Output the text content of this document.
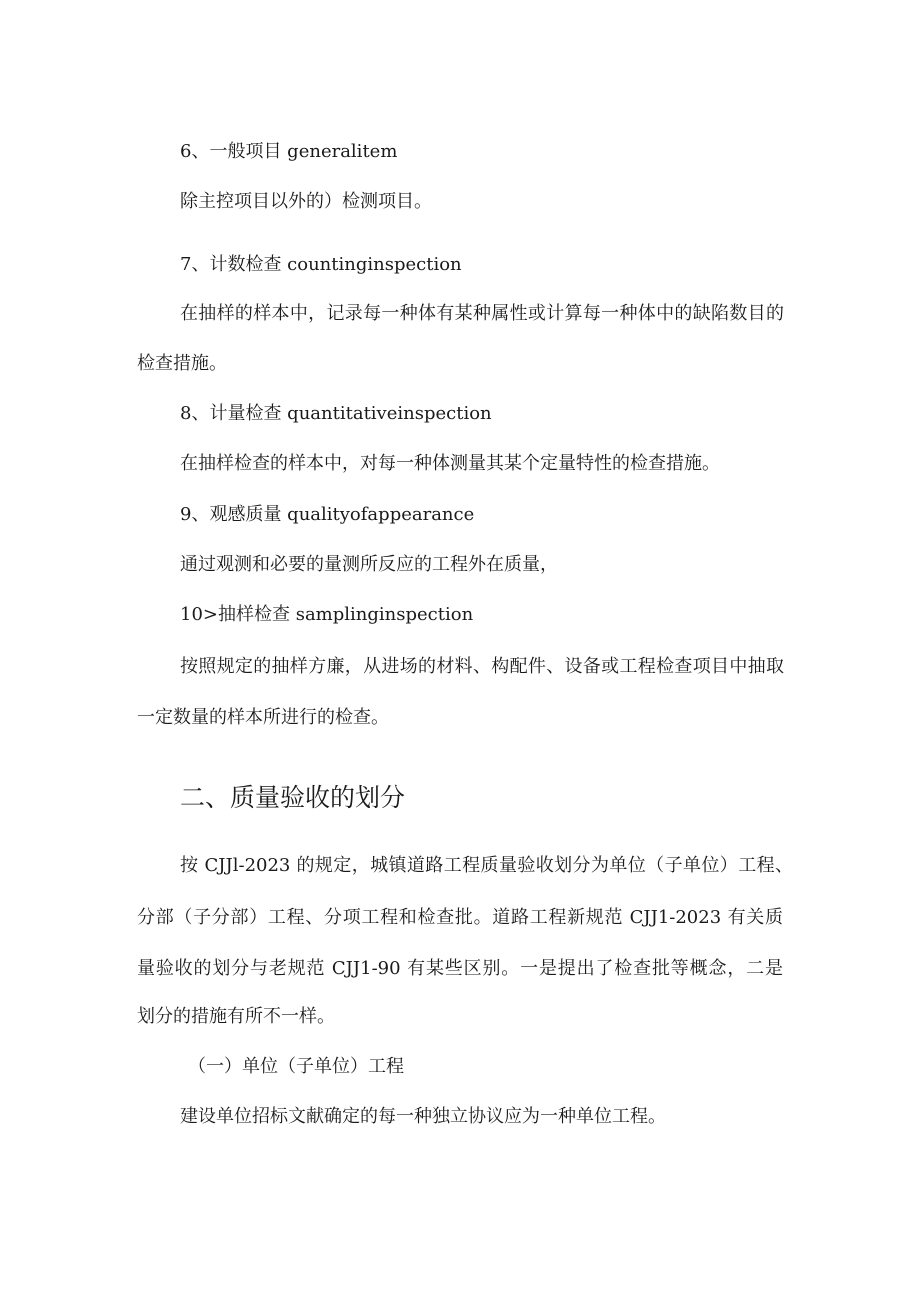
6、一般项目 generalitem
除主控项目以外的）检测项目。
7、计数检查 countinginspection
在抽样的样本中，记录每一种体有某种属性或计算每一种体中的缺陷数目的
检查措施。
8、计量检查 quantitativeinspection
在抽样检查的样本中，对每一种体测量其某个定量特性的检查措施。
9、观感质量 qualityofappearance
通过观测和必要的量测所反应的工程外在质量，
10>抽样检查 samplinginspection
按照规定的抽样方廉，从进场的材料、构配件、设备或工程检查项目中抽取
一定数量的样本所进行的检查。
二、质量验收的划分
按 CJJl-2023 的规定，城镇道路工程质量验收划分为单位（子单位）工程、
分部（子分部）工程、分项工程和检查批。道路工程新规范 CJJ1-2023 有关质
量验收的划分与老规范 CJJ1-90 有某些区别。一是提出了检查批等概念，二是
划分的措施有所不一样。
（一）单位（子单位）工程
建设单位招标文献确定的每一种独立协议应为一种单位工程。
